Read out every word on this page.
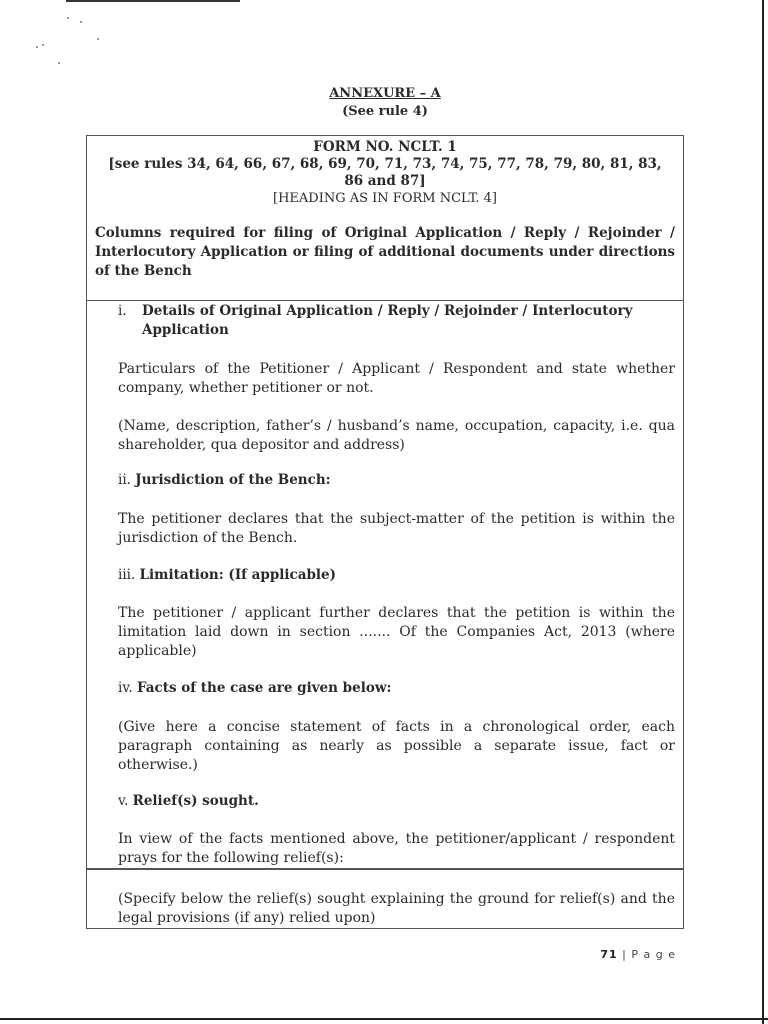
ANNEXURE – A
(See rule 4)
FORM NO. NCLT. 1
[see rules 34, 64, 66, 67, 68, 69, 70, 71, 73, 74, 75, 77, 78, 79, 80, 81, 83, 86 and 87]
[HEADING AS IN FORM NCLT. 4]
Columns required for filing of Original Application / Reply / Rejoinder / Interlocutory Application or filing of additional documents under directions of the Bench
i.	Details of Original Application / Reply / Rejoinder / Interlocutory Application
Particulars of the Petitioner / Applicant / Respondent and state whether company, whether petitioner or not.
(Name, description, father’s / husband’s name, occupation, capacity, i.e. qua shareholder, qua depositor and address)
ii. Jurisdiction of the Bench:
The petitioner declares that the subject-matter of the petition is within the jurisdiction of the Bench.
iii. Limitation: (If applicable)
The petitioner / applicant further declares that the petition is within the limitation laid down in section ....... Of the Companies Act, 2013 (where applicable)
iv. Facts of the case are given below:
(Give here a concise statement of facts in a chronological order, each paragraph containing as nearly as possible a separate issue, fact or otherwise.)
v. Relief(s) sought.
In view of the facts mentioned above, the petitioner/applicant / respondent prays for the following relief(s):
(Specify below the relief(s) sought explaining the ground for relief(s) and the legal provisions (if any) relied upon)
71 | P a g e
